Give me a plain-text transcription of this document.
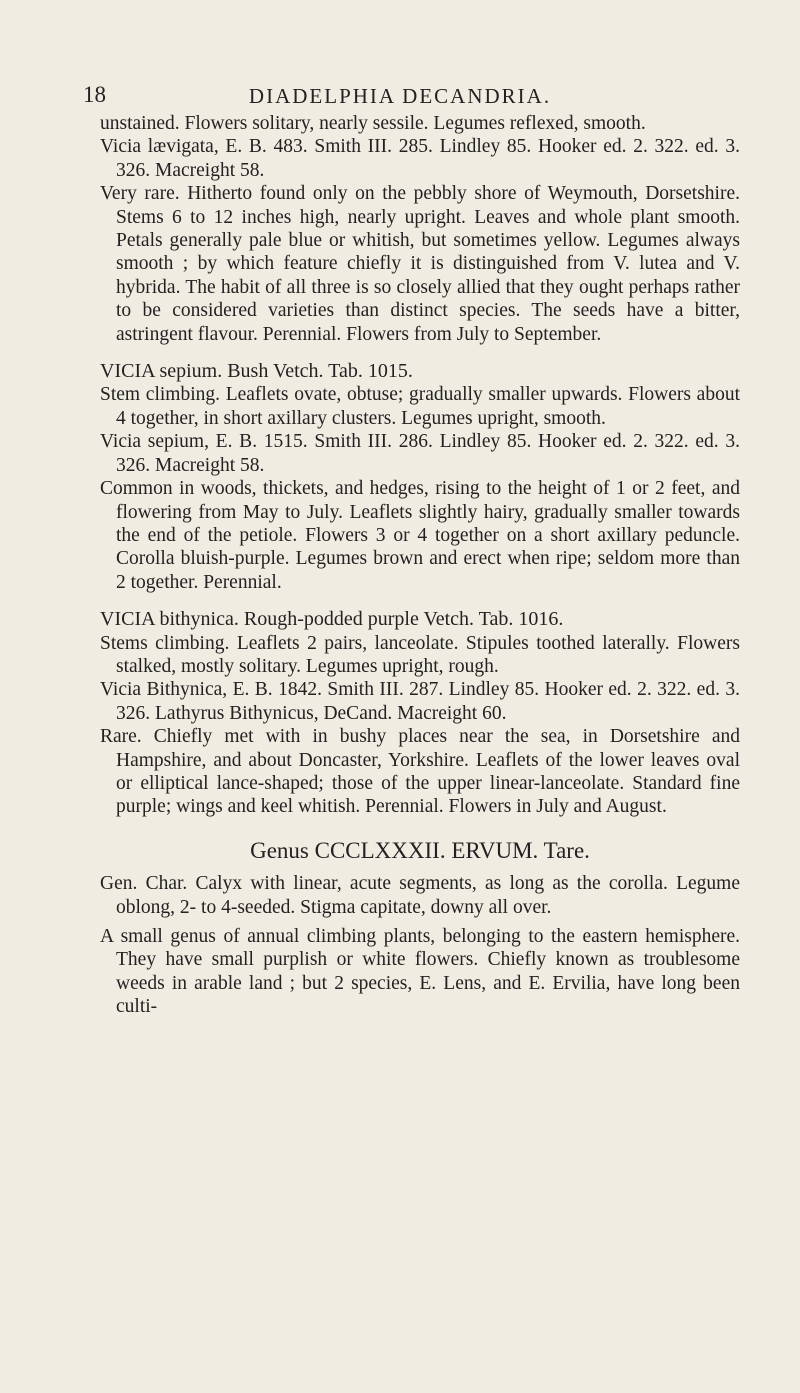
18	DIADELPHIA DECANDRIA.

unstained. Flowers solitary, nearly sessile. Legumes reflexed, smooth.

Vicia lævigata, E. B. 483. Smith III. 285. Lindley 85. Hooker ed. 2. 322. ed. 3. 326. Macreight 58.

Very rare. Hitherto found only on the pebbly shore of Weymouth, Dorsetshire. Stems 6 to 12 inches high, nearly upright. Leaves and whole plant smooth. Petals generally pale blue or whitish, but sometimes yellow. Legumes always smooth ; by which feature chiefly it is distinguished from V. lutea and V. hybrida. The habit of all three is so closely allied that they ought perhaps rather to be considered varieties than distinct species. The seeds have a bitter, astringent flavour. Perennial. Flowers from July to September.

VICIA sepium. Bush Vetch. Tab. 1015.

Stem climbing. Leaflets ovate, obtuse; gradually smaller upwards. Flowers about 4 together, in short axillary clusters. Legumes upright, smooth.

Vicia sepium, E. B. 1515. Smith III. 286. Lindley 85. Hooker ed. 2. 322. ed. 3. 326. Macreight 58.

Common in woods, thickets, and hedges, rising to the height of 1 or 2 feet, and flowering from May to July. Leaflets slightly hairy, gradually smaller towards the end of the petiole. Flowers 3 or 4 together on a short axillary peduncle. Corolla bluish-purple. Legumes brown and erect when ripe; seldom more than 2 together. Perennial.

VICIA bithynica. Rough-podded purple Vetch. Tab. 1016.

Stems climbing. Leaflets 2 pairs, lanceolate. Stipules toothed laterally. Flowers stalked, mostly solitary. Legumes upright, rough.

Vicia Bithynica, E. B. 1842. Smith III. 287. Lindley 85. Hooker ed. 2. 322. ed. 3. 326. Lathyrus Bithynicus, DeCand. Macreight 60.

Rare. Chiefly met with in bushy places near the sea, in Dorsetshire and Hampshire, and about Doncaster, Yorkshire. Leaflets of the lower leaves oval or elliptical lance-shaped; those of the upper linear-lanceolate. Standard fine purple; wings and keel whitish. Perennial. Flowers in July and August.

Genus CCCLXXXII. ERVUM. Tare.

Gen. Char. Calyx with linear, acute segments, as long as the corolla. Legume oblong, 2- to 4-seeded. Stigma capitate, downy all over.

A small genus of annual climbing plants, belonging to the eastern hemisphere. They have small purplish or white flowers. Chiefly known as troublesome weeds in arable land ; but 2 species, E. Lens, and E. Ervilia, have long been culti-
